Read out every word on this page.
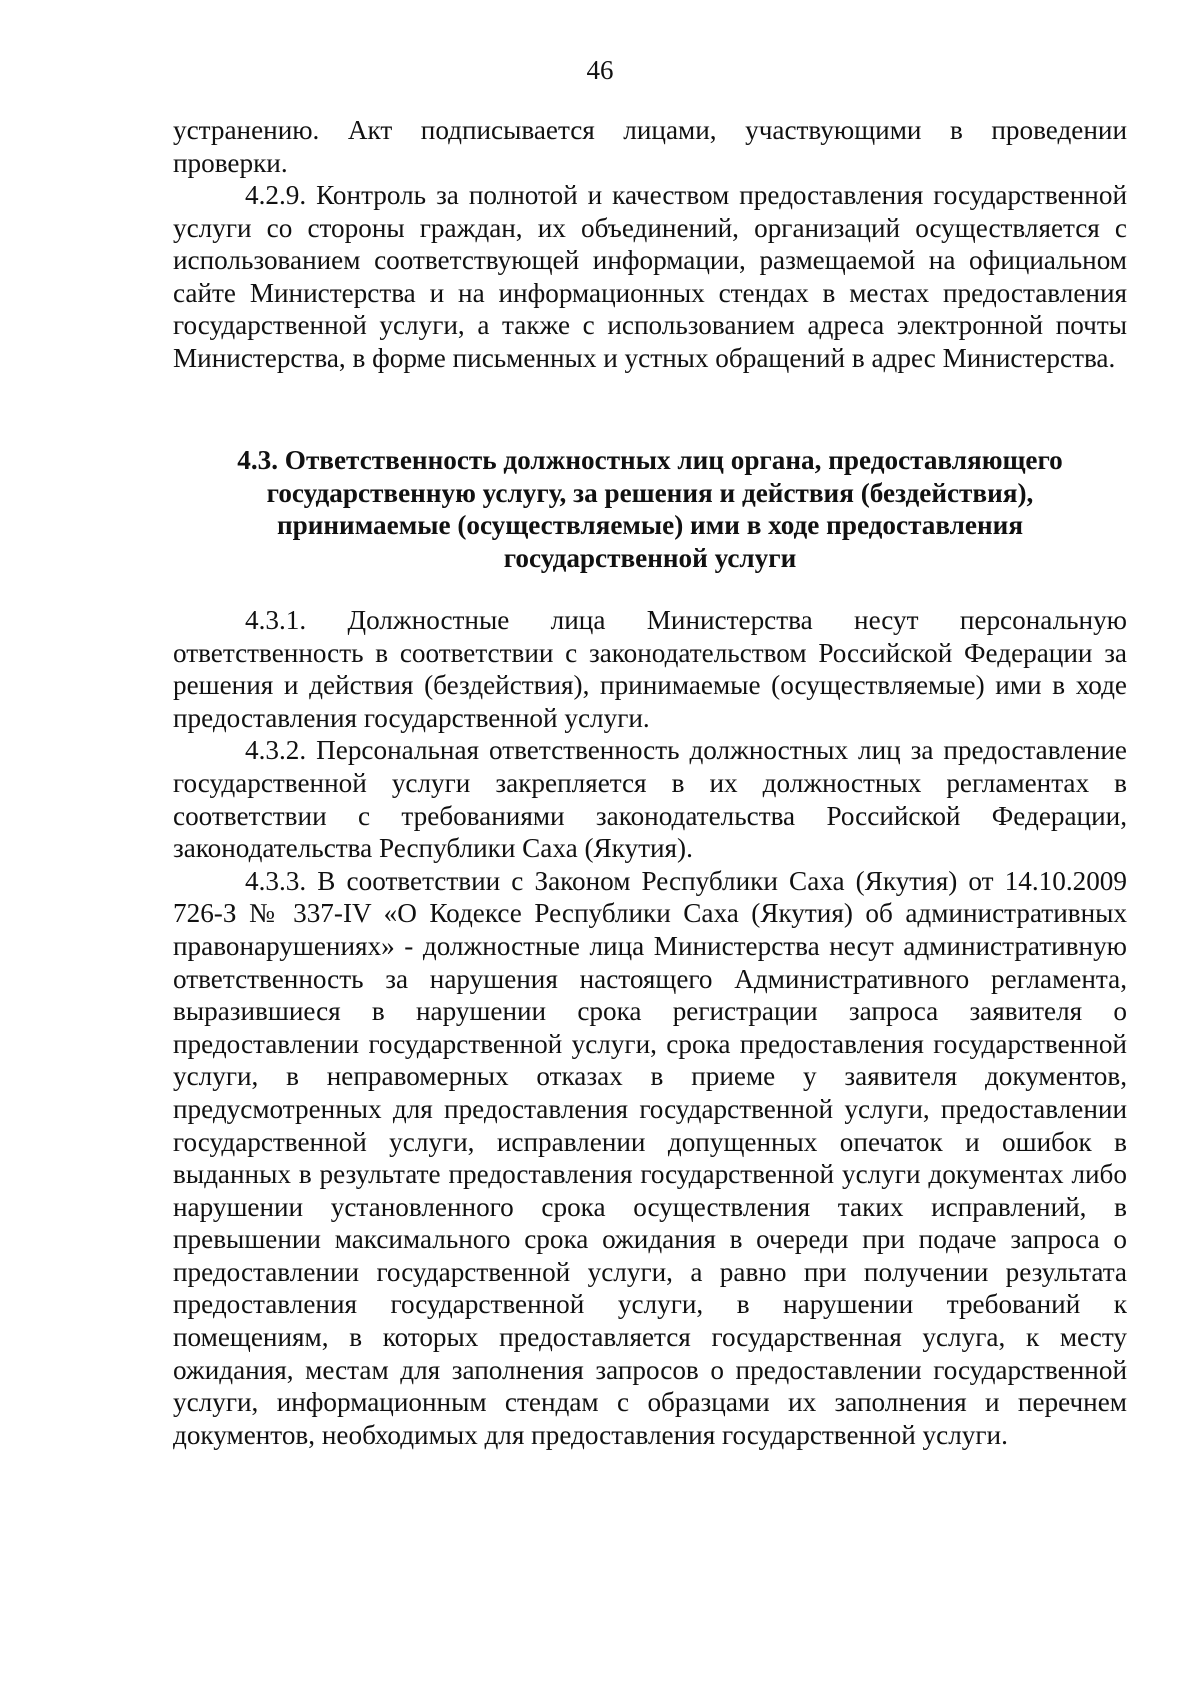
46
устранению. Акт подписывается лицами, участвующими в проведении
проверки.

4.2.9. Контроль за полнотой и качеством предоставления государственной услуги со стороны граждан, их объединений, организаций осуществляется с использованием соответствующей информации, размещаемой на официальном сайте Министерства и на информационных стендах в местах предоставления государственной услуги, а также с использованием адреса электронной почты Министерства, в форме письменных и устных обращений в адрес Министерства.

4.3. Ответственность должностных лиц органа, предоставляющего
государственную услугу, за решения и действия (бездействия),
принимаемые (осуществляемые) ими в ходе предоставления
государственной услуги

4.3.1. Должностные лица Министерства несут персональную ответственность в соответствии с законодательством Российской Федерации за решения и действия (бездействия), принимаемые (осуществляемые) ими в ходе предоставления государственной услуги.

4.3.2. Персональная ответственность должностных лиц за предоставление государственной услуги закрепляется в их должностных регламентах в соответствии с требованиями законодательства Российской Федерации, законодательства Республики Саха (Якутия).

4.3.3. В соответствии с Законом Республики Саха (Якутия) от 14.10.2009 726-З № 337-IV «О Кодексе Республики Саха (Якутия) об административных правонарушениях» - должностные лица Министерства несут административную ответственность за нарушения настоящего Административного регламента, выразившиеся в нарушении срока регистрации запроса заявителя о предоставлении государственной услуги, срока предоставления государственной услуги, в неправомерных отказах в приеме у заявителя документов, предусмотренных для предоставления государственной услуги, предоставлении государственной услуги, исправлении допущенных опечаток и ошибок в выданных в результате предоставления государственной услуги документах либо нарушении установленного срока осуществления таких исправлений, в превышении максимального срока ожидания в очереди при подаче запроса о предоставлении государственной услуги, а равно при получении результата предоставления государственной услуги, в нарушении требований к помещениям, в которых предоставляется государственная услуга, к месту ожидания, местам для заполнения запросов о предоставлении государственной услуги, информационным стендам с образцами их заполнения и перечнем документов, необходимых для предоставления государственной услуги.
